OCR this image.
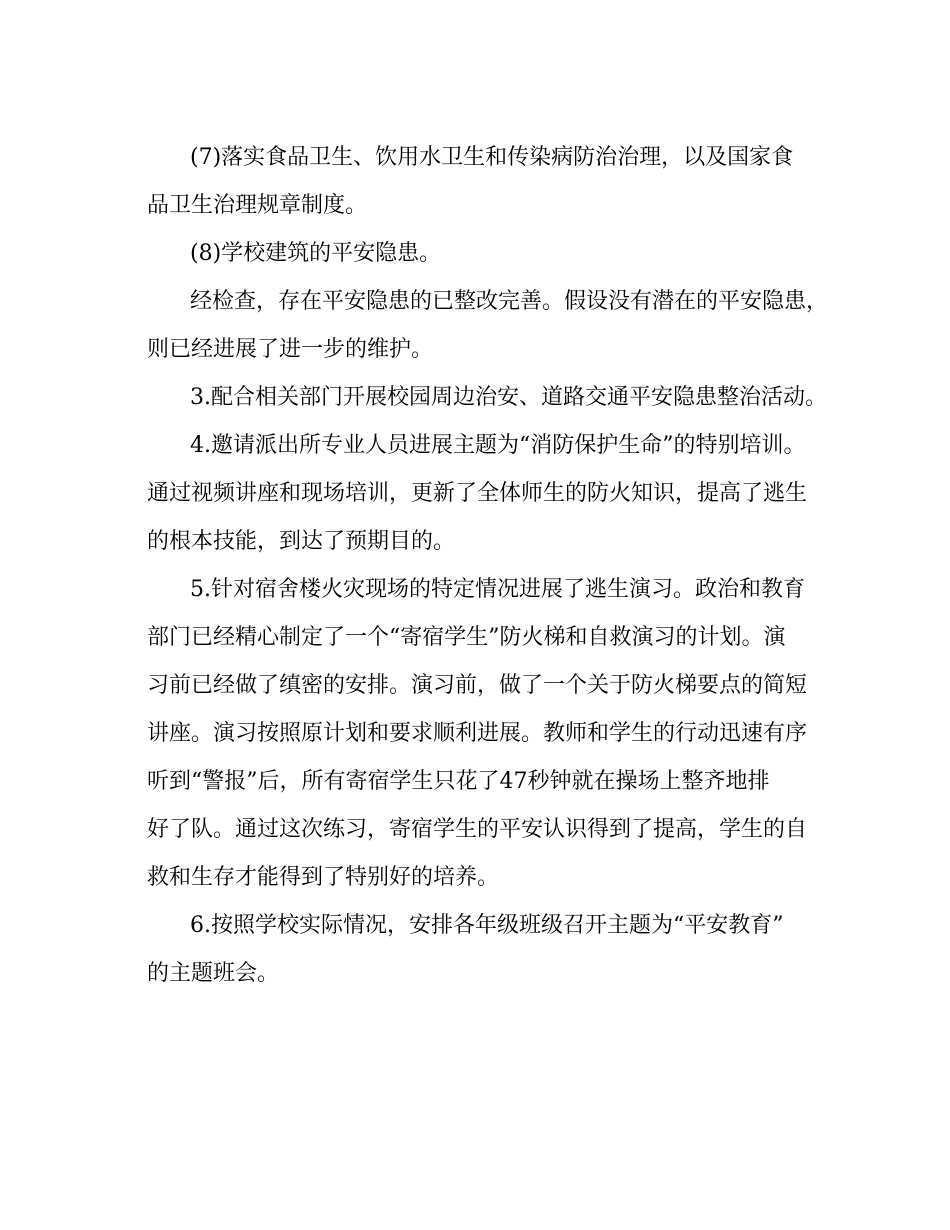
(7)落实食品卫生、饮用水卫生和传染病防治治理，以及国家食

品卫生治理规章制度。

(8)学校建筑的平安隐患。

经检查，存在平安隐患的已整改完善。假设没有潜在的平安隐患，

则已经进展了进一步的维护。

3.配合相关部门开展校园周边治安、道路交通平安隐患整治活动。

4.邀请派出所专业人员进展主题为“消防保护生命”的特别培训。

通过视频讲座和现场培训，更新了全体师生的防火知识，提高了逃生

的根本技能，到达了预期目的。

5.针对宿舍楼火灾现场的特定情况进展了逃生演习。政治和教育

部门已经精心制定了一个“寄宿学生”防火梯和自救演习的计划。演

习前已经做了缜密的安排。演习前，做了一个关于防火梯要点的简短

讲座。演习按照原计划和要求顺利进展。教师和学生的行动迅速有序

听到“警报”后，所有寄宿学生只花了47秒钟就在操场上整齐地排

好了队。通过这次练习，寄宿学生的平安认识得到了提高，学生的自

救和生存才能得到了特别好的培养。

6.按照学校实际情况，安排各年级班级召开主题为“平安教育”

的主题班会。
